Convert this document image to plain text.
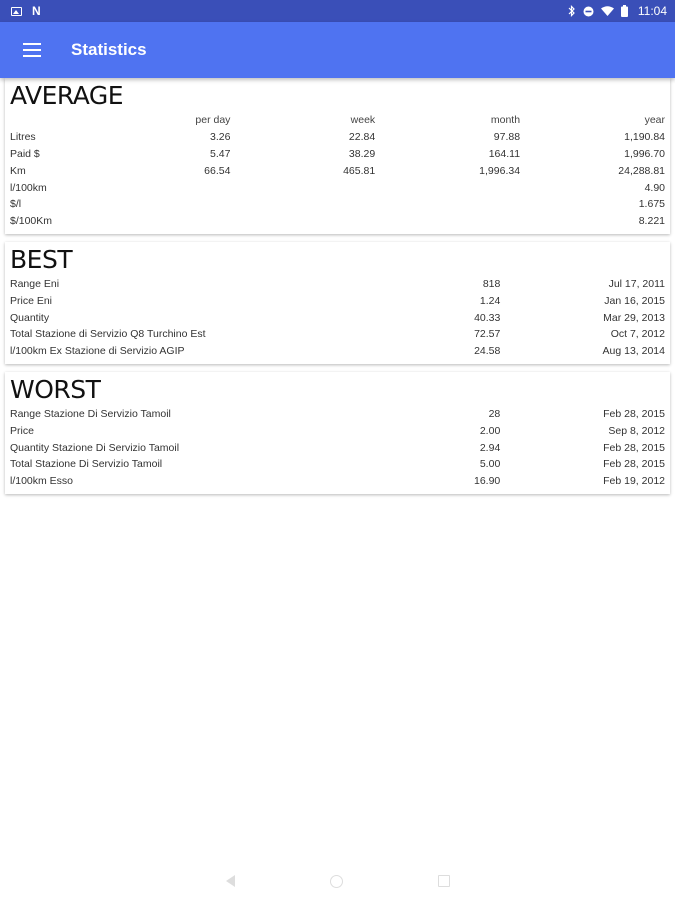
N	11:04
Statistics
AVERAGE
	per day	week	month	year
Litres	3.26	22.84	97.88	1,190.84
Paid $	5.47	38.29	164.11	1,996.70
Km	66.54	465.81	1,996.34	24,288.81
l/100km				4.90
$/l				1.675
$/100Km				8.221
BEST
Range Eni	818	Jul 17, 2011
Price Eni	1.24	Jan 16, 2015
Quantity	40.33	Mar 29, 2013
Total Stazione di Servizio Q8 Turchino Est	72.57	Oct 7, 2012
l/100km Ex Stazione di Servizio AGIP	24.58	Aug 13, 2014
WORST
Range Stazione Di Servizio Tamoil	28	Feb 28, 2015
Price	2.00	Sep 8, 2012
Quantity Stazione Di Servizio Tamoil	2.94	Feb 28, 2015
Total Stazione Di Servizio Tamoil	5.00	Feb 28, 2015
l/100km Esso	16.90	Feb 19, 2012
